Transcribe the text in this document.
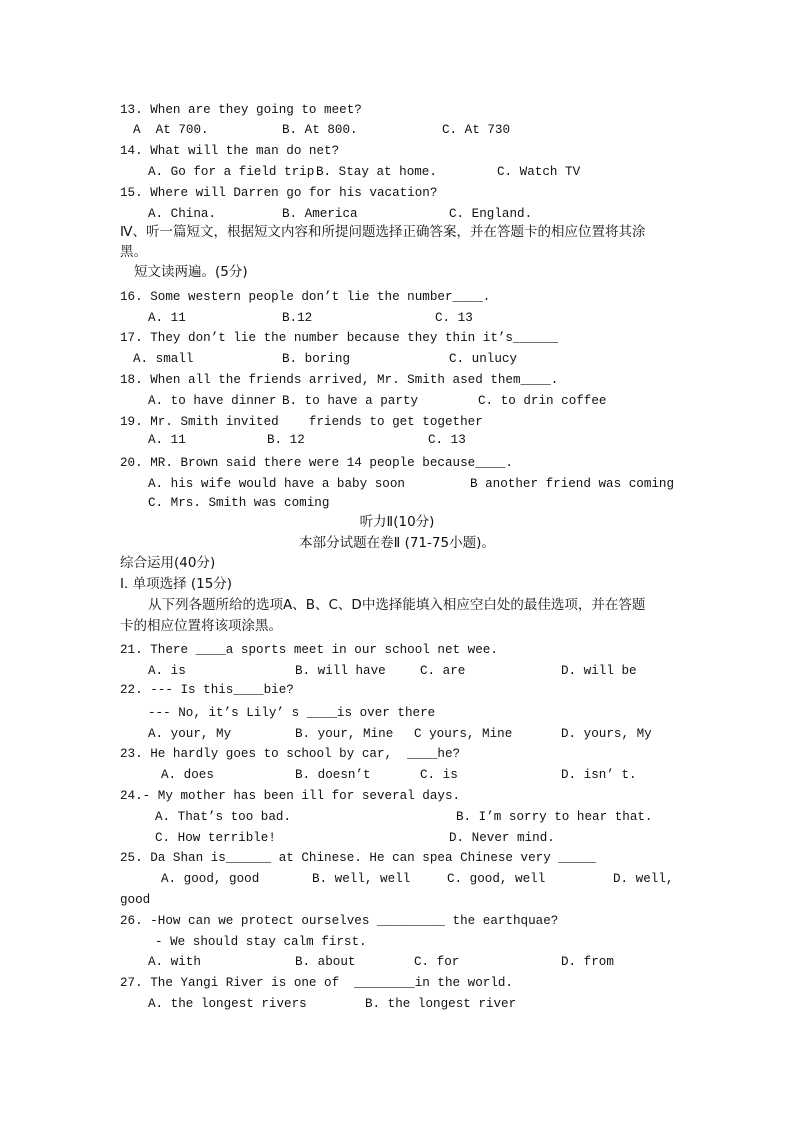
13. When are they going to meet?
A  At 700.	B. At 800.	C. At 730
14. What will the man do net?
A. Go for a field trip.
B. Stay at home.	C. Watch TV
15. Where will Darren go for his vacation?
A. China.	B. America	C. England.
Ⅳ、听一篇短文，根据短文内容和所提问题选择正确答案，并在答题卡的相应位置将其涂
黑。
短文读两遍。(5分)
16. Some western people don’t lie the number____.
A. 11	B.12	C. 13
17. They don’t lie the number because they thin it’s______
A. small	B. boring	C. unlucy
18. When all the friends arrived, Mr. Smith ased them____.
A. to have dinner B. to have a party	C. to drin coffee
19. Mr. Smith invited    friends to get together
A. 11	B. 12	C. 13
20. MR. Brown said there were 14 people because____.
A. his wife would have a baby soon	B another friend was coming
C. Mrs. Smith was coming
听力Ⅱ(10分)
本部分试题在卷Ⅱ (71-75小题)。
综合运用(40分)
I. 单项选择 (15分)
从下列各题所给的选项A、B、C、D中选择能填入相应空白处的最佳选项，并在答题
卡的相应位置将该项涂黑。
21. There ____a sports meet in our school net wee.
A. is	B. will have	C. are	D. will be
22. --- Is this____bie?
--- No, it’s Lily’ s ____is over there
A. your, My	B. your, Mine C yours, Mine	D. yours, My
23. He hardly goes to school by car,  ____he?
A. does	B. doesn’t	C. is	D. isn’ t.
24.- My mother has been ill for several days.
A. That’s too bad.	B. I’m sorry to hear that.
C. How terrible!	D. Never mind.
25. Da Shan is______ at Chinese. He can spea Chinese very _____
A. good, good	B. well, well	C. good, well	D. well,
good
26. -How can we protect ourselves _________ the earthquae?
- We should stay calm first.
A. with	B. about	C. for	D. from
27. The Yangi River is one of  ________in the world.
A. the longest rivers	B. the longest river
